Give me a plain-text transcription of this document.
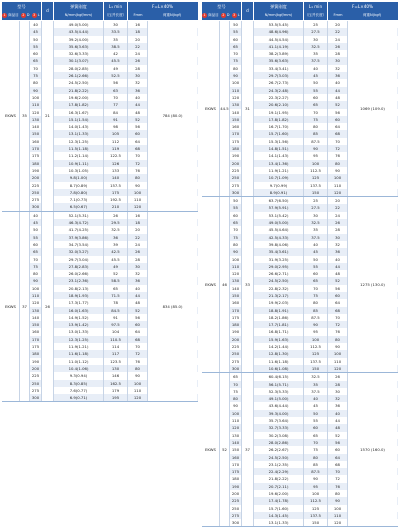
型号
1 商品目 2 D 3 L
d
弹簧刚度
N/mm(kgf/mm)
L₁ min
（压并长度）
F=L×40%
Fmm	荷重N(kgf)
40	49.0(5.00)	30	16
45	43.5(4.44)	33.5	18
50	39.2(4.00)	35	20
55	35.6(3.63)	38.5	22
60	32.6(3.33)	42	24
65	30.1(3.07)	45.5	26
70	28.0(2.85)	49	28
75	26.1(2.66)	52.5	30
80	24.5(2.50)	56	32
90	21.8(2.22)	63	36
100	19.6(2.00)	70	40
110	17.8(1.82)	77	44
120	16.3(1.67)	84	48
130	15.1(1.54)	91	52
140	14.0(1.43)	98	56
150	13.1(1.33)	105	60
160	12.3(1.25)	112	64
170	11.5(1.18)	119	68
175	11.2(1.14)	122.5	70
180	10.9(1.11)	126	72
190	10.3(1.05)	133	76
200	9.8(1.00)	140	80
225	8.7(0.89)	157.5	90
250	7.8(0.80)	175	100
275	7.1(0.73)	192.5	110
300	6.5(0.67)	210	120
EKWS	35	21	784 (80.0)
40	52.1(5.31)	26	16
45	46.3(4.72)	29.5	18
50	41.7(4.25)	32.5	20
55	37.9(3.86)	36	22
60	34.7(3.54)	39	24
65	32.0(3.27)	42.5	26
70	29.7(3.04)	45.5	28
75	27.8(2.83)	49	30
80	26.0(2.66)	52	32
90	23.1(2.36)	58.5	36
100	20.8(2.13)	65	40
110	18.9(1.93)	71.5	44
120	17.3(1.77)	78	48
130	16.0(1.63)	84.5	52
140	14.9(1.52)	91	56
150	13.9(1.42)	97.5	60
160	13.0(1.33)	104	64
170	12.3(1.25)	110.5	68
175	11.9(1.21)	114	70
180	11.6(1.18)	117	72
190	11.0(1.12)	123.5	76
200	10.4(1.06)	130	80
225	9.3(0.94)	146	90
250	8.3(0.85)	162.5	100
275	7.6(0.77)	179	110
300	6.9(0.71)	195	120
EKWS	37	26	834 (85.0)
型号
1 商品目 2 D 3 L
d
弹簧刚度
N/mm(kgf/mm)
L₁ min
（压并长度）
F=L×40%
Fmm	荷重N(kgf)
50	53.5(5.45)	25	20
55	48.6(4.96)	27.5	22
60	44.5(4.54)	30	24
65	41.1(4.19)	32.5	26
70	38.2(3.89)	35	28
75	35.6(3.63)	37.5	30
80	33.4(3.41)	40	32
90	29.7(3.03)	45	36
100	26.7(2.73)	50	40
110	24.3(2.48)	55	44
120	22.3(2.27)	60	48
130	20.6(2.10)	65	52
140	19.1(1.95)	70	56
150	17.8(1.82)	75	60
160	16.7(1.70)	80	64
170	15.7(1.60)	85	68
175	15.3(1.56)	87.5	70
180	14.8(1.51)	90	72
190	14.1(1.43)	95	76
200	13.4(1.36)	100	80
225	11.9(1.21)	112.5	90
250	10.7(1.09)	125	100
275	9.7(0.99)	137.5	110
300	8.9(0.91)	150	120
EKWS	44.5	31	1069 (109.0)
50	63.7(6.50)	25	20
55	57.9(5.91)	27.5	22
60	53.1(5.42)	30	24
65	49.0(5.00)	32.5	26
70	45.5(4.64)	35	28
75	42.5(4.33)	37.5	30
80	39.8(4.06)	40	32
90	35.4(3.61)	45	36
100	31.9(3.25)	50	40
110	29.0(2.95)	55	44
120	26.6(2.71)	60	48
130	24.5(2.50)	65	52
140	22.8(2.32)	70	56
150	21.3(2.17)	75	60
160	19.9(2.03)	80	64
170	18.8(1.91)	85	68
175	18.2(1.86)	87.5	70
180	17.7(1.81)	90	72
190	16.8(1.71)	95	76
200	15.9(1.63)	100	80
225	14.2(1.44)	112.5	90
250	12.8(1.30)	125	100
275	11.6(1.18)	137.5	110
300	10.6(1.08)	150	120
EKWS	46	33	1275 (130.0)
65	60.4(6.15)	32.5	26
70	56.1(5.71)	35	28
75	52.3(5.33)	37.5	30
80	49.1(5.00)	40	32
90	43.6(4.44)	45	36
100	39.3(4.00)	50	40
110	35.7(3.64)	55	44
120	32.7(3.33)	60	48
130	30.2(3.08)	65	52
140	28.0(2.86)	70	56
150	26.2(2.67)	75	60
160	24.5(2.50)	80	64
170	23.1(2.35)	85	68
175	22.4(2.29)	87.5	70
180	21.8(2.22)	90	72
190	20.7(2.11)	95	76
200	19.6(2.00)	100	80
225	17.4(1.78)	112.5	90
250	15.7(1.60)	125	100
275	14.3(1.45)	137.5	110
300	13.1(1.33)	150	120
EKWS	52	37	1570 (160.0)
